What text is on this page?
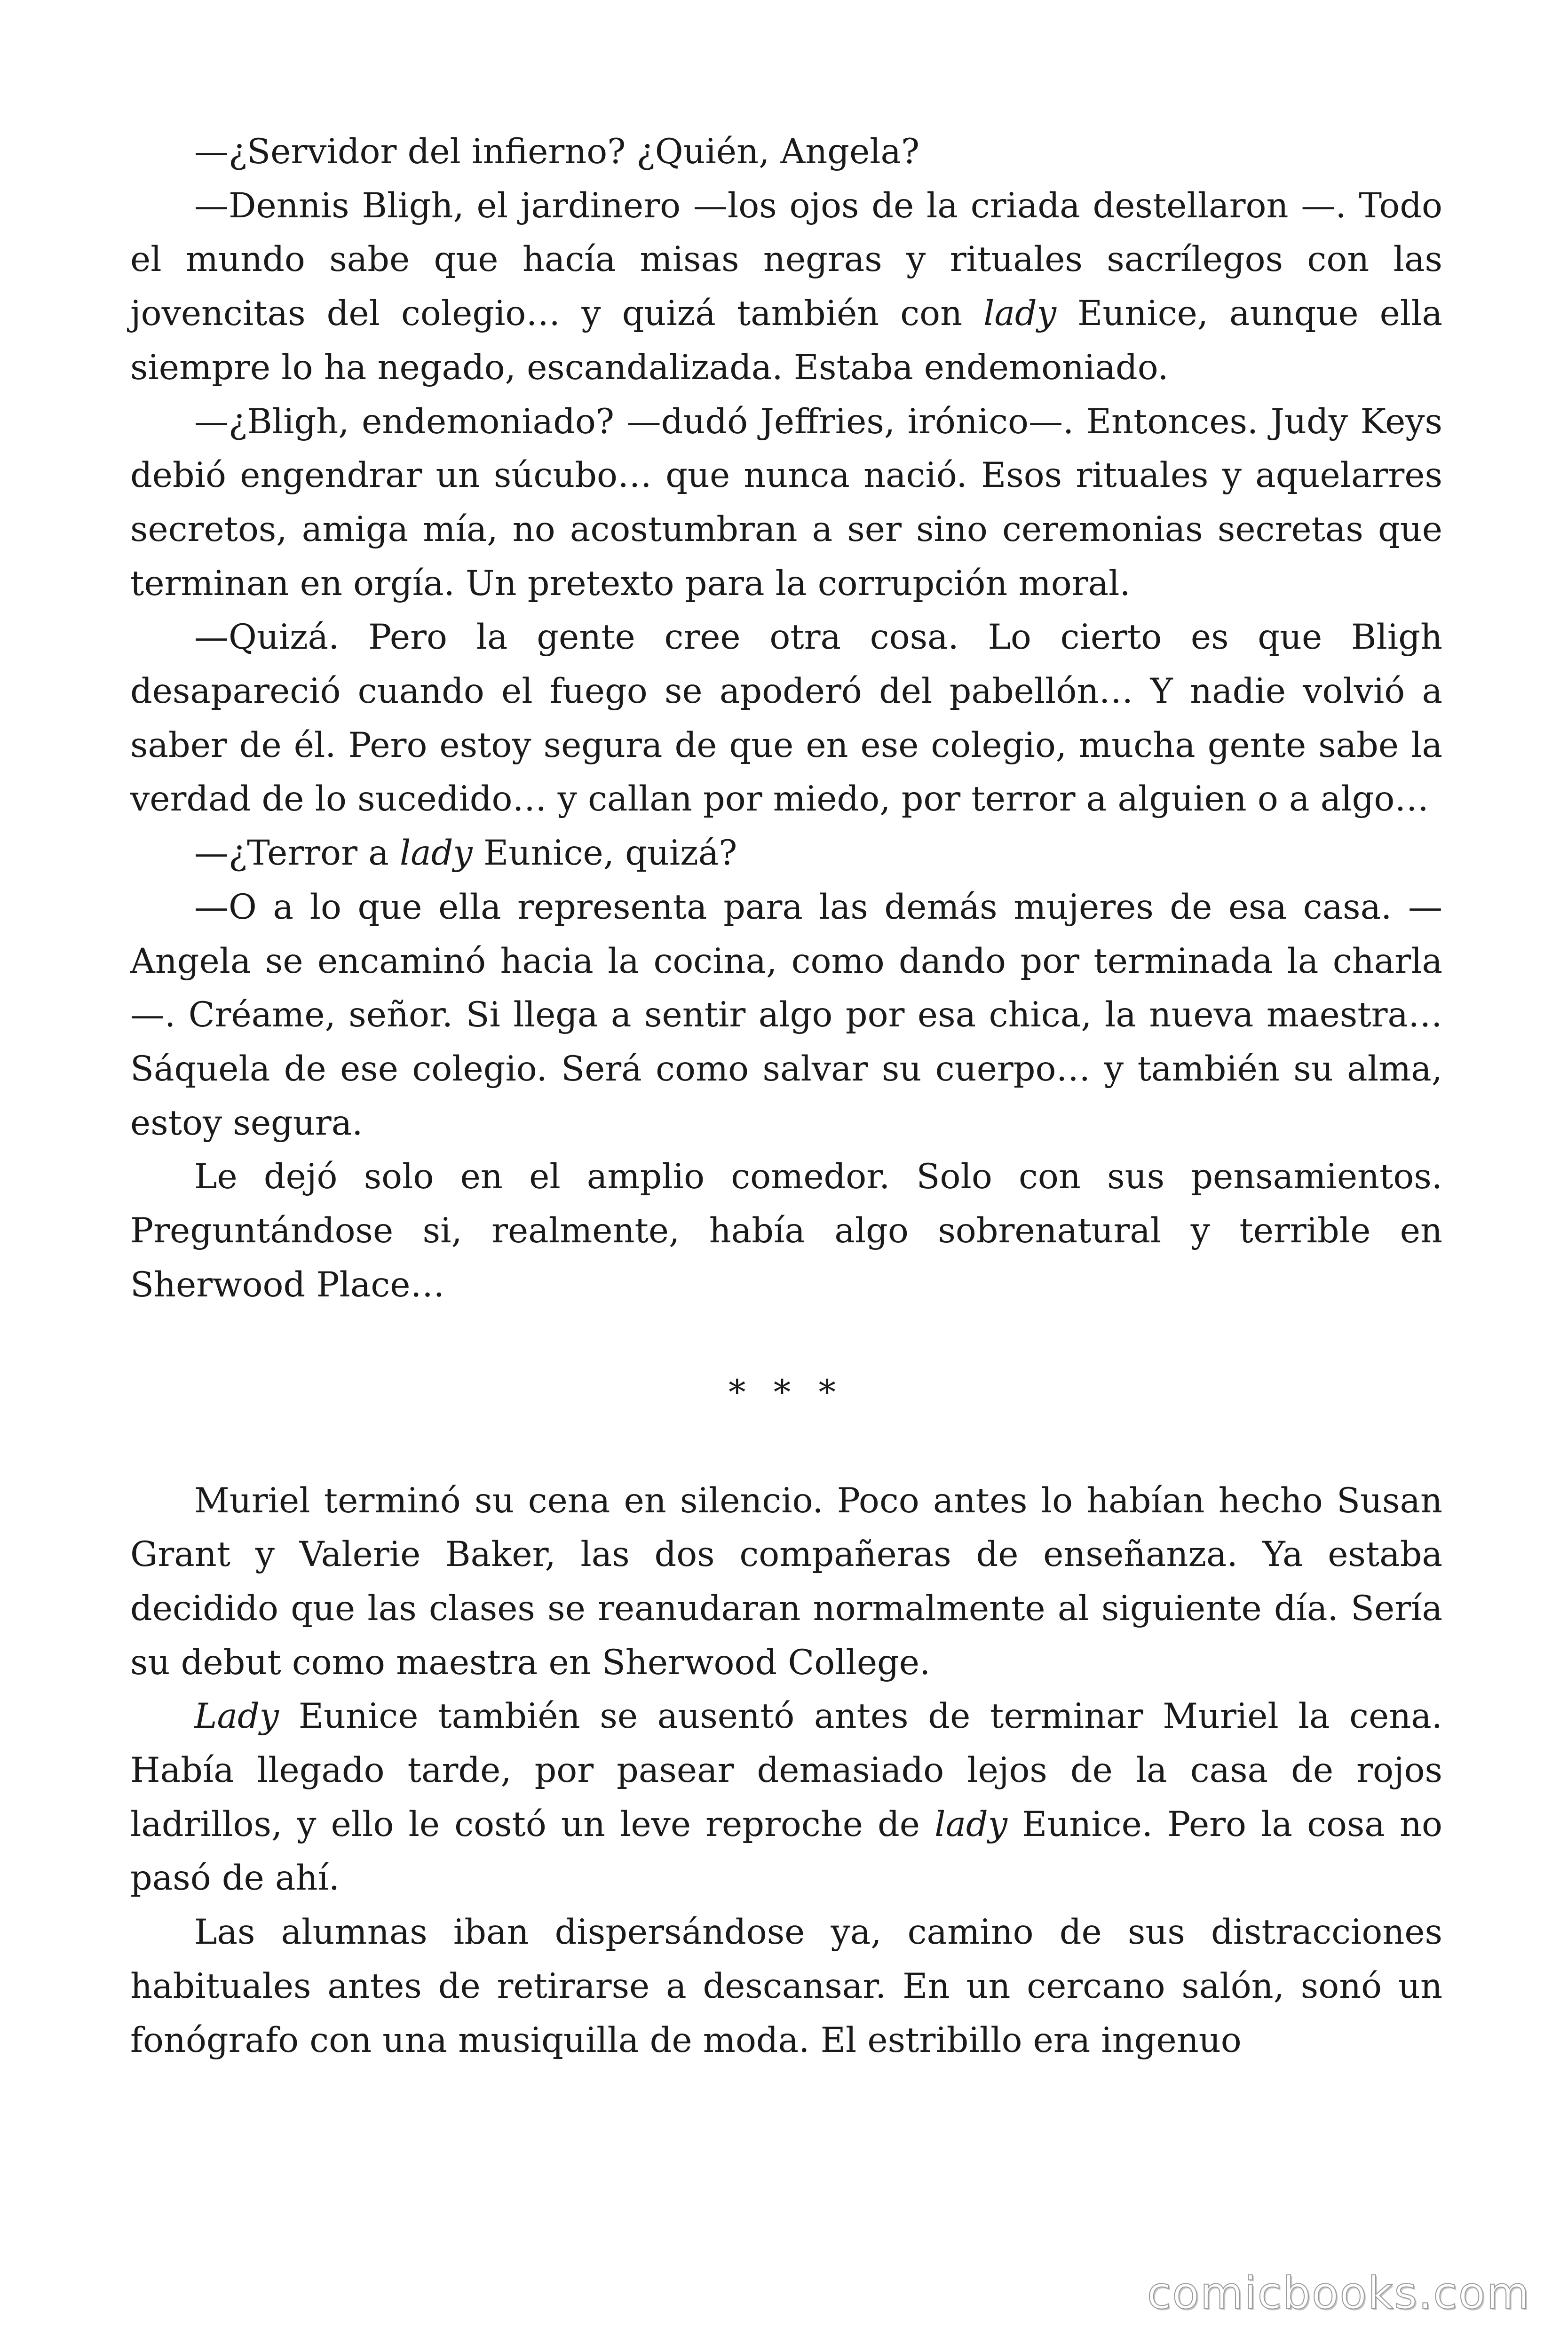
—¿Servidor del infierno? ¿Quién, Angela?

—Dennis Bligh, el jardinero —los ojos de la criada destellaron —. Todo el mundo sabe que hacía misas negras y rituales sacrílegos con las jovencitas del colegio… y quizá también con lady Eunice, aunque ella siempre lo ha negado, escandalizada. Estaba endemoniado.

—¿Bligh, endemoniado? —dudó Jeffries, irónico—. Entonces. Judy Keys debió engendrar un súcubo… que nunca nació. Esos rituales y aquelarres secretos, amiga mía, no acostumbran a ser sino ceremonias secretas que terminan en orgía. Un pretexto para la corrupción moral.

—Quizá. Pero la gente cree otra cosa. Lo cierto es que Bligh desapareció cuando el fuego se apoderó del pabellón… Y nadie volvió a saber de él. Pero estoy segura de que en ese colegio, mucha gente sabe la verdad de lo sucedido… y callan por miedo, por terror a alguien o a algo…

—¿Terror a lady Eunice, quizá?

—O a lo que ella representa para las demás mujeres de esa casa. —Angela se encaminó hacia la cocina, como dando por terminada la charla—. Créame, señor. Si llega a sentir algo por esa chica, la nueva maestra… Sáquela de ese colegio. Será como salvar su cuerpo… y también su alma, estoy segura.

Le dejó solo en el amplio comedor. Solo con sus pensamientos. Preguntándose si, realmente, había algo sobrenatural y terrible en Sherwood Place…

* * *

Muriel terminó su cena en silencio. Poco antes lo habían hecho Susan Grant y Valerie Baker, las dos compañeras de enseñanza. Ya estaba decidido que las clases se reanudaran normalmente al siguiente día. Sería su debut como maestra en Sherwood College.

Lady Eunice también se ausentó antes de terminar Muriel la cena. Había llegado tarde, por pasear demasiado lejos de la casa de rojos ladrillos, y ello le costó un leve reproche de lady Eunice. Pero la cosa no pasó de ahí.

Las alumnas iban dispersándose ya, camino de sus distracciones habituales antes de retirarse a descansar. En un cercano salón, sonó un fonógrafo con una musiquilla de moda. El estribillo era ingenuo

comicbooks.com
